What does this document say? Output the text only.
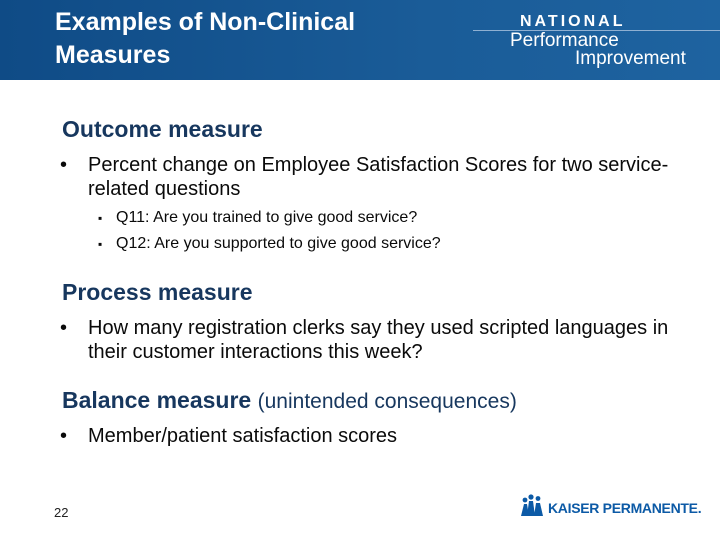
Examples of Non-Clinical
Measures
NATIONAL
Performance
Improvement
Outcome measure
• Percent change on Employee Satisfaction Scores for two service-related questions
▪ Q11: Are you trained to give good service?
▪ Q12: Are you supported to give good service?
Process measure
• How many registration clerks say they used scripted languages in their customer interactions this week?
Balance measure (unintended consequences)
• Member/patient satisfaction scores
22	KAISER PERMANENTE.
